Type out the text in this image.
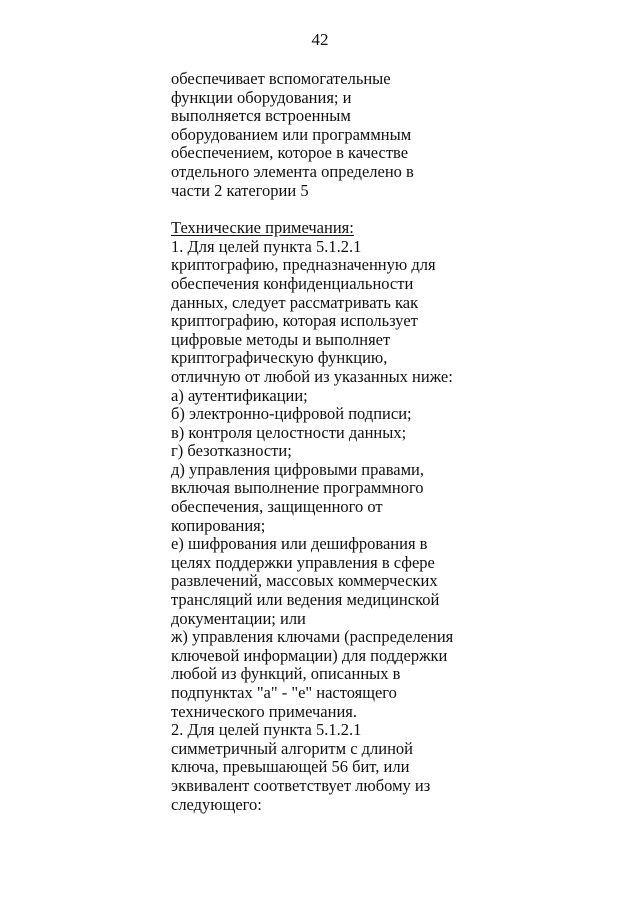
42
обеспечивает вспомогательные
функции оборудования; и
выполняется встроенным
оборудованием или программным
обеспечением, которое в качестве
отдельного элемента определено в
части 2 категории 5
Технические примечания:
1. Для целей пункта 5.1.2.1
криптографию, предназначенную для
обеспечения конфиденциальности
данных, следует рассматривать как
криптографию, которая использует
цифровые методы и выполняет
криптографическую функцию,
отличную от любой из указанных ниже:
а) аутентификации;
б) электронно-цифровой подписи;
в) контроля целостности данных;
г) безотказности;
д) управления цифровыми правами,
включая выполнение программного
обеспечения, защищенного от
копирования;
е) шифрования или дешифрования в
целях поддержки управления в сфере
развлечений, массовых коммерческих
трансляций или ведения медицинской
документации; или
ж) управления ключами (распределения
ключевой информации) для поддержки
любой из функций, описанных в
подпунктах "а" - "е" настоящего
технического примечания.
2. Для целей пункта 5.1.2.1
симметричный алгоритм с длиной
ключа, превышающей 56 бит, или
эквивалент соответствует любому из
следующего:
